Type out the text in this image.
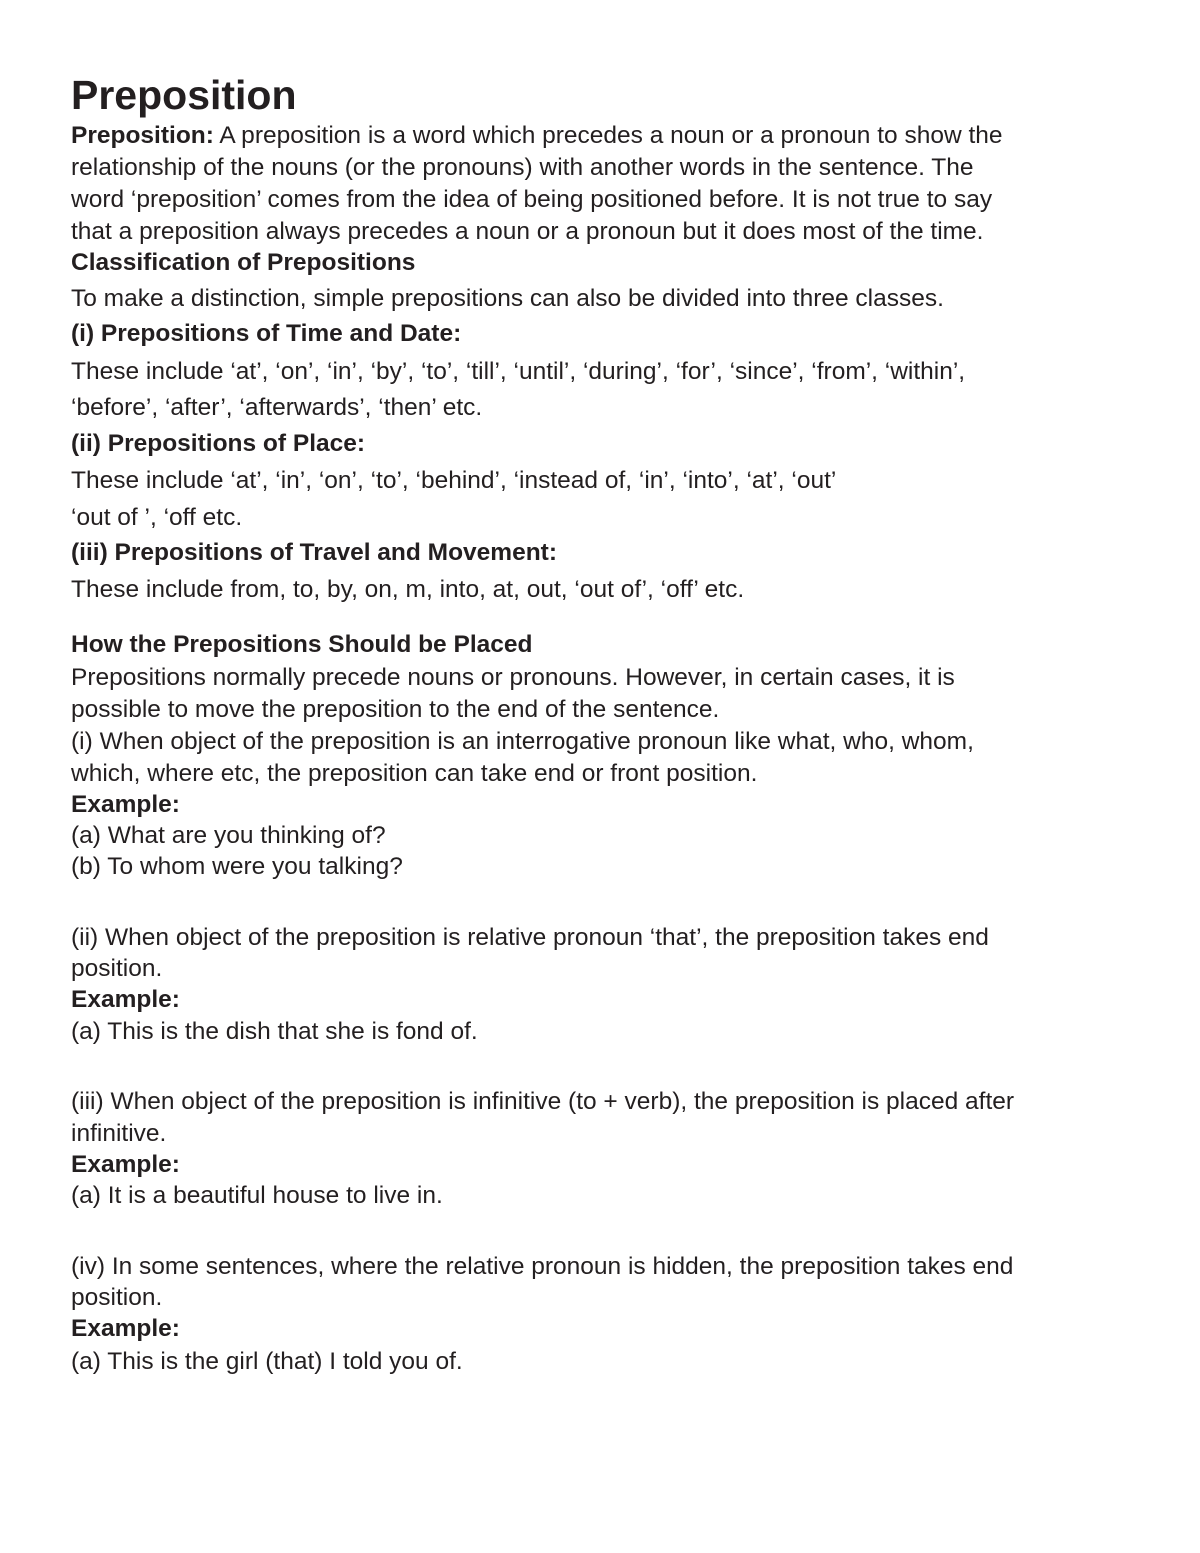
Preposition
Preposition: A preposition is a word which precedes a noun or a pronoun to show the
relationship of the nouns (or the pronouns) with another words in the sentence. The
word ‘preposition’ comes from the idea of being positioned before. It is not true to say
that a preposition always precedes a noun or a pronoun but it does most of the time.
Classification of Prepositions
To make a distinction, simple prepositions can also be divided into three classes.
(i) Prepositions of Time and Date:
These include ‘at’, ‘on’, ‘in’, ‘by’, ‘to’, ‘till’, ‘until’, ‘during’, ‘for’, ‘since’, ‘from’, ‘within’,
‘before’, ‘after’, ‘afterwards’, ‘then’ etc.
(ii) Prepositions of Place:
These include ‘at’, ‘in’, ‘on’, ‘to’, ‘behind’, ‘instead of, ‘in’, ‘into’, ‘at’, ‘out’
‘out of ’, ‘off etc.
(iii) Prepositions of Travel and Movement:
These include from, to, by, on, m, into, at, out, ‘out of’, ‘off’ etc.
How the Prepositions Should be Placed
Prepositions normally precede nouns or pronouns. However, in certain cases, it is
possible to move the preposition to the end of the sentence.
(i) When object of the preposition is an interrogative pronoun like what, who, whom,
which, where etc, the preposition can take end or front position.
Example:
(a) What are you thinking of?
(b) To whom were you talking?
(ii) When object of the preposition is relative pronoun ‘that’, the preposition takes end
position.
Example:
(a) This is the dish that she is fond of.
(iii) When object of the preposition is infinitive (to + verb), the preposition is placed after
infinitive.
Example:
(a) It is a beautiful house to live in.
(iv) In some sentences, where the relative pronoun is hidden, the preposition takes end
position.
Example:
(a) This is the girl (that) I told you of.
